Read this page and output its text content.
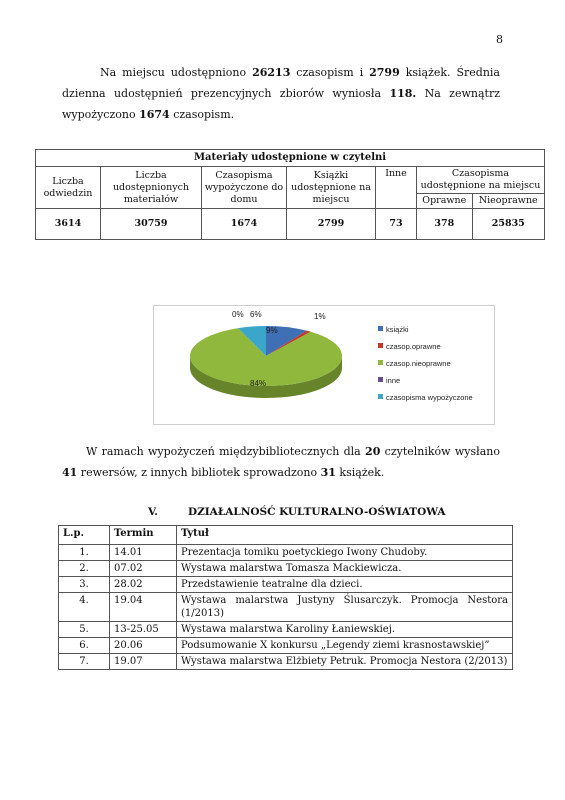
8

Na miejscu udostępniono 26213 czasopism i 2799 książek. Średnia dzienna udostępnień prezencyjnych zbiorów wyniosła 118. Na zewnątrz wypożyczono 1674 czasopism.

Materiały udostępnione w czytelni						
Liczba odwiedzin	Liczba udostępnionych materiałów	Czasopisma wypożyczone do domu	Książki udostępnione na miejscu	Inne	Czasopisma udostępnione na miejscu	
					Oprawne	Nieoprawne
3614	30759	1674	2799	73	378	25835
9%
1%
84%
0% 6%
książki
czasop.oprawne
czasop.nieoprawne
inne
czasopisma wypożyczone

W ramach wypożyczeń międzybibliotecznych dla 20 czytelników wysłano 41 rewersów, z innych bibliotek sprowadzono 31 książek.

V.	DZIAŁALNOŚĆ KULTURALNO-OŚWIATOWA
L.p.	Termin	Tytuł
1.	14.01	Prezentacja tomiku poetyckiego Iwony Chudoby.
2.	07.02	Wystawa malarstwa Tomasza Mackiewicza.
3.	28.02	Przedstawienie teatralne dla dzieci.
4.	19.04	Wystawa malarstwa Justyny Ślusarczyk. Promocja Nestora (1/2013)
5.	13-25.05	Wystawa malarstwa Karoliny Łaniewskiej.
6.	20.06	Podsumowanie X konkursu „Legendy ziemi krasnostawskiej”
7.	19.07	Wystawa malarstwa Elżbiety Petruk. Promocja Nestora (2/2013)
